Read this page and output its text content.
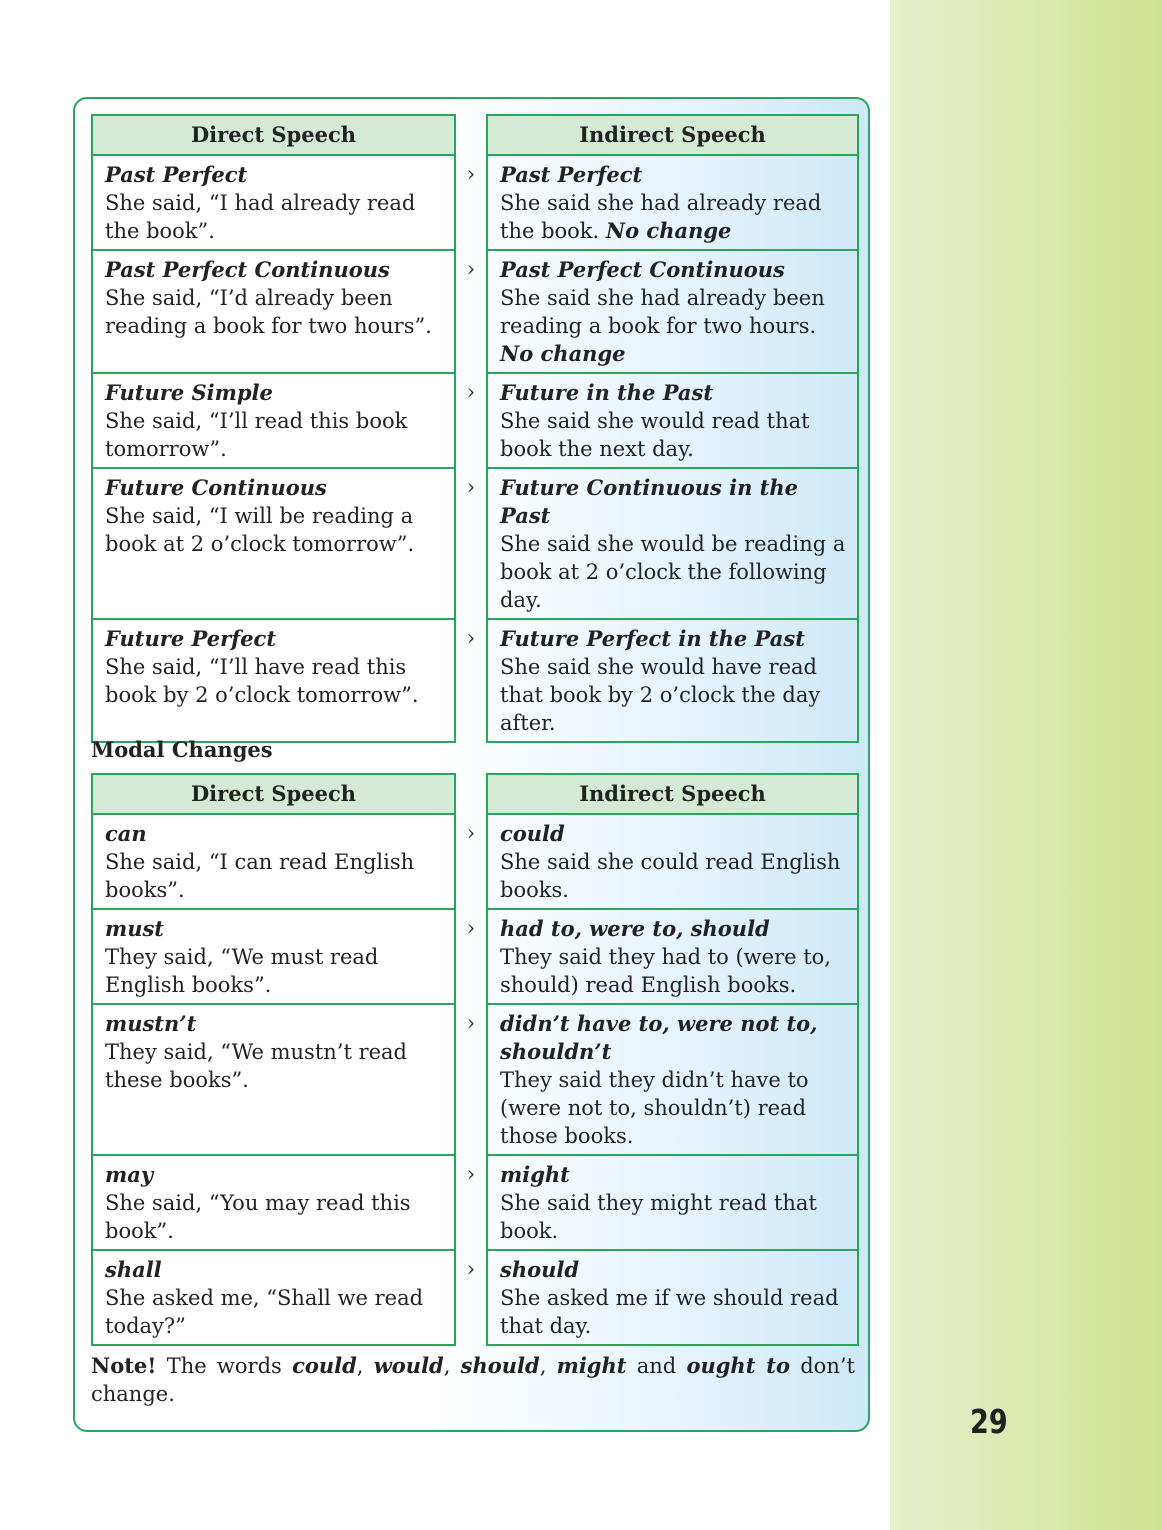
29
Direct Speech		Indirect Speech

Past Perfect
She said, “I had already read the book”.	›	Past Perfect
She said she had already read the book. No change

Past Perfect Continuous
She said, “I’d already been reading a book for two hours”.	›	Past Perfect Continuous
She said she had already been reading a book for two hours.
No change

Future Simple
She said, “I’ll read this book tomorrow”.	›	Future in the Past
She said she would read that book the next day.

Future Continuous
She said, “I will be reading a book at 2 o’clock tomorrow”.	›	Future Continuous in the Past
She said she would be reading a book at 2 o’clock the following day.

Future Perfect
She said, “I’ll have read this book by 2 o’clock tomorrow”.	›	Future Perfect in the Past
She said she would have read that book by 2 o’clock the day after.
Modal Changes
Direct Speech		Indirect Speech

can
She said, “I can read English books”.	›	could
She said she could read English books.

must
They said, “We must read English books”.	›	had to, were to, should
They said they had to (were to, should) read English books.

mustn’t
They said, “We mustn’t read these books”.	›	didn’t have to, were not to, shouldn’t
They said they didn’t have to (were not to, shouldn’t) read those books.

may
She said, “You may read this book”.	›	might
She said they might read that book.

shall
She asked me, “Shall we read today?”	›	should
She asked me if we should read that day.
Note! The words could, would, should, might and ought to don’t change.
